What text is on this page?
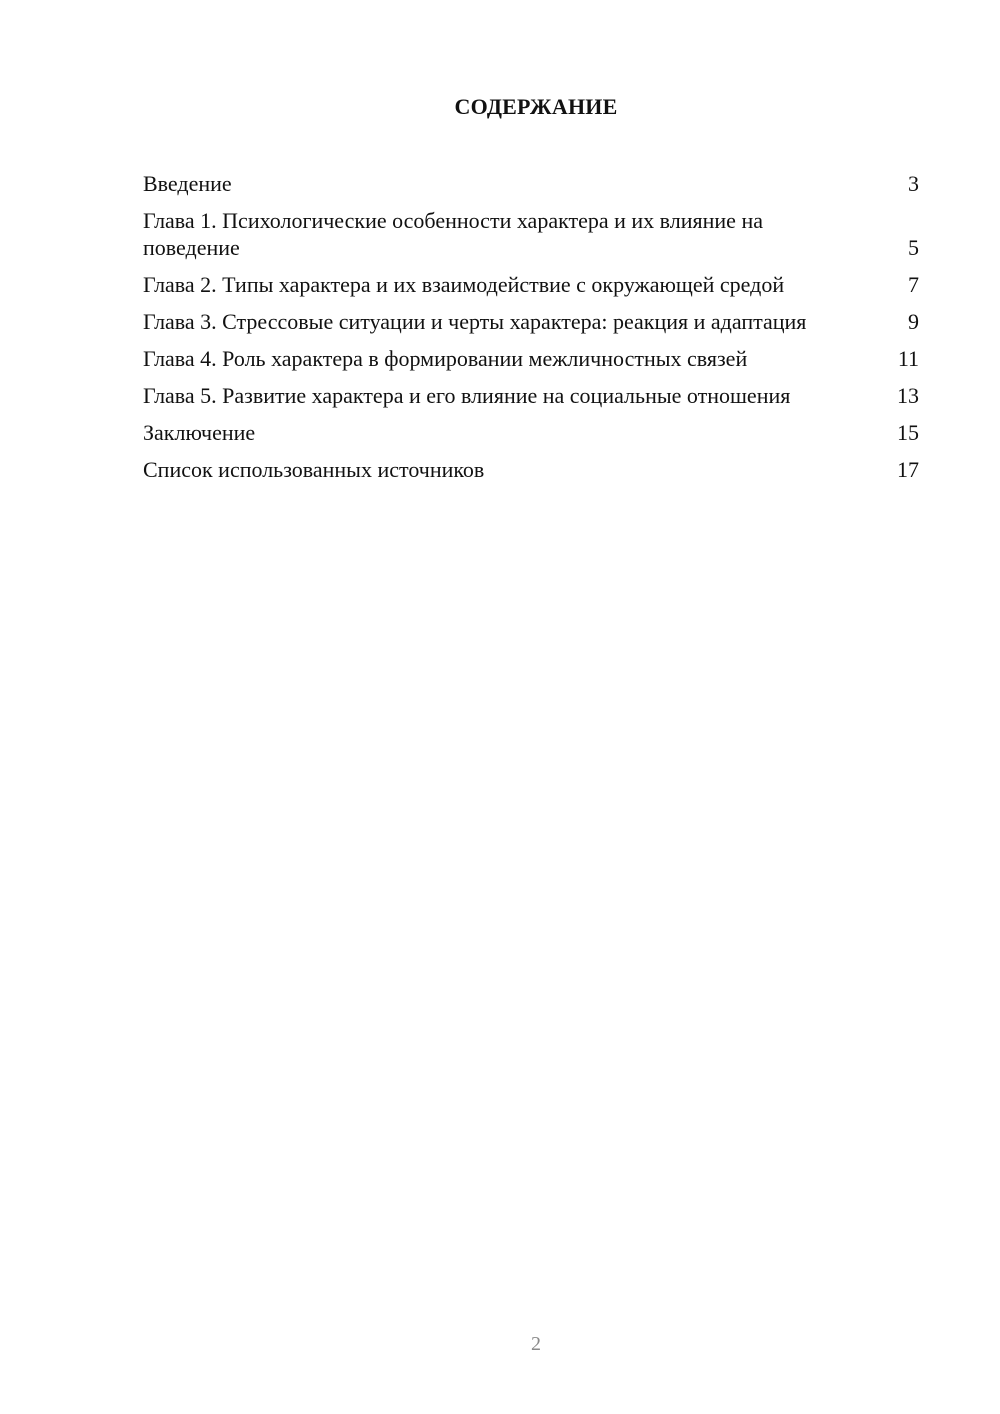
СОДЕРЖАНИЕ
Введение	3
Глава 1. Психологические особенности характера и их влияние на поведение	5
Глава 2. Типы характера и их взаимодействие с окружающей средой	7
Глава 3. Стрессовые ситуации и черты характера: реакция и адаптация	9
Глава 4. Роль характера в формировании межличностных связей	11
Глава 5. Развитие характера и его влияние на социальные отношения	13
Заключение	15
Список использованных источников	17
2
